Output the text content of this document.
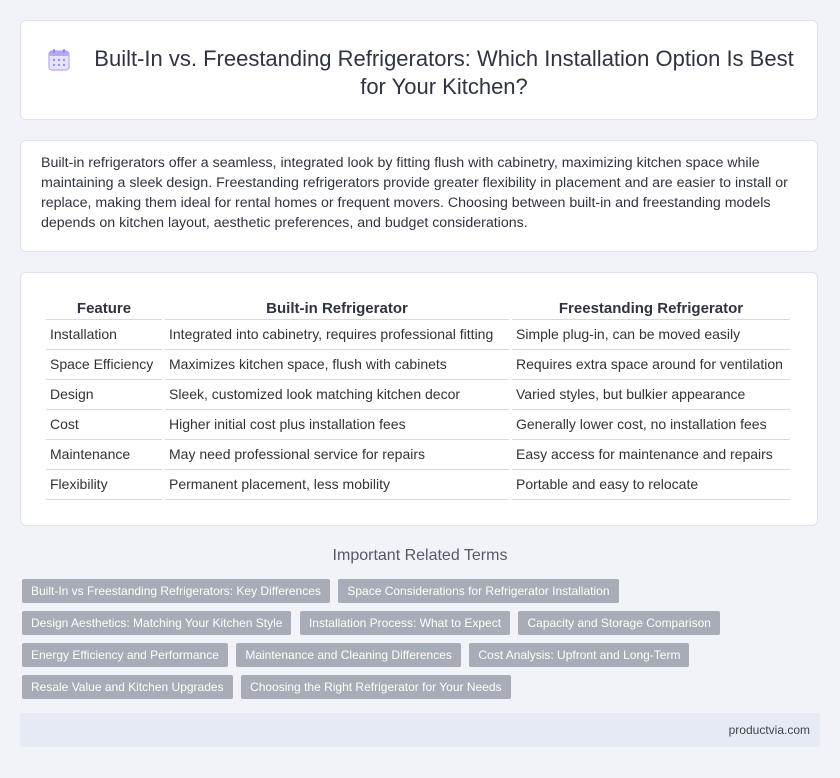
Built-In vs. Freestanding Refrigerators: Which Installation Option Is Best for Your Kitchen?

Built-in refrigerators offer a seamless, integrated look by fitting flush with cabinetry, maximizing kitchen space while maintaining a sleek design. Freestanding refrigerators provide greater flexibility in placement and are easier to install or replace, making them ideal for rental homes or frequent movers. Choosing between built-in and freestanding models depends on kitchen layout, aesthetic preferences, and budget considerations.

Feature	Built-in Refrigerator	Freestanding Refrigerator
Installation	Integrated into cabinetry, requires professional fitting	Simple plug-in, can be moved easily
Space Efficiency	Maximizes kitchen space, flush with cabinets	Requires extra space around for ventilation
Design	Sleek, customized look matching kitchen decor	Varied styles, but bulkier appearance
Cost	Higher initial cost plus installation fees	Generally lower cost, no installation fees
Maintenance	May need professional service for repairs	Easy access for maintenance and repairs
Flexibility	Permanent placement, less mobility	Portable and easy to relocate
Important Related Terms
Built-In vs Freestanding Refrigerators: Key Differences Space Considerations for Refrigerator Installation
Design Aesthetics: Matching Your Kitchen Style Installation Process: What to Expect Capacity and Storage Comparison
Energy Efficiency and Performance Maintenance and Cleaning Differences Cost Analysis: Upfront and Long-Term
Resale Value and Kitchen Upgrades Choosing the Right Refrigerator for Your Needs
productvia.com
